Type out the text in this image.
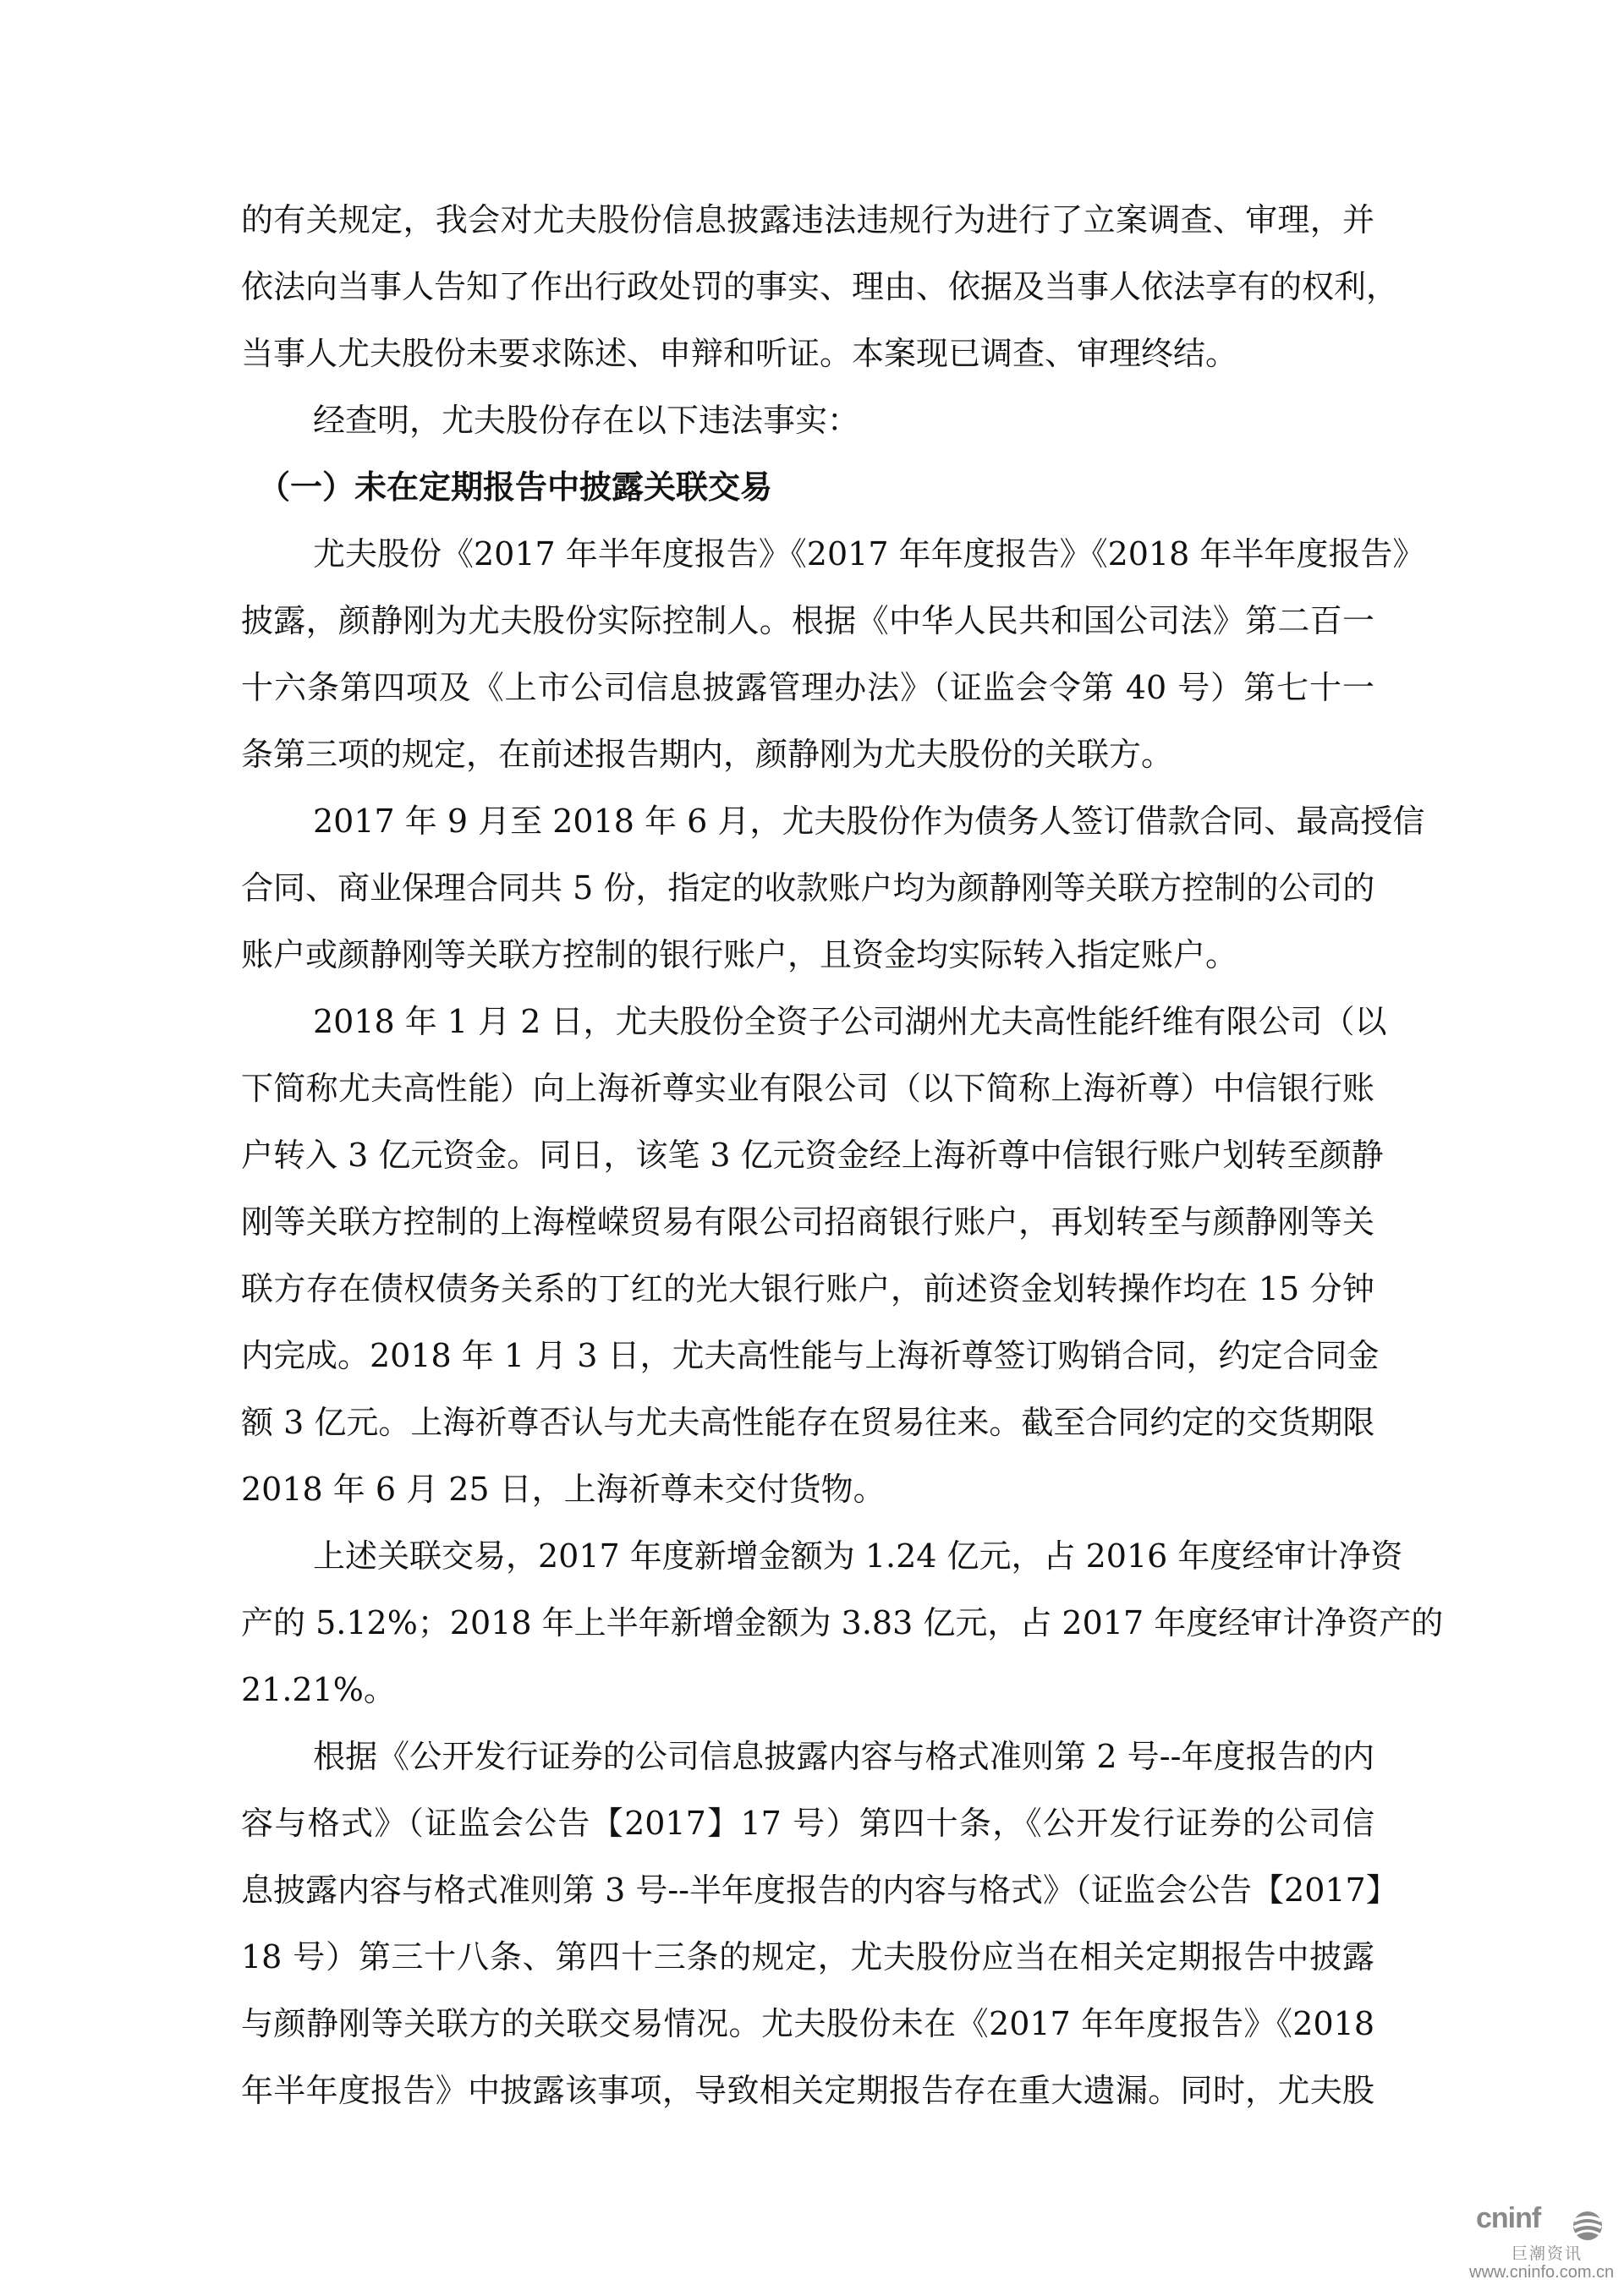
的有关规定，我会对尤夫股份信息披露违法违规行为进行了立案调查、审理，并
依法向当事人告知了作出行政处罚的事实、理由、依据及当事人依法享有的权利，
当事人尤夫股份未要求陈述、申辩和听证。本案现已调查、审理终结。
经查明，尤夫股份存在以下违法事实：
（一）未在定期报告中披露关联交易
尤夫股份《2017 年半年度报告》《2017 年年度报告》《2018 年半年度报告》
披露，颜静刚为尤夫股份实际控制人。根据《中华人民共和国公司法》第二百一
十六条第四项及《上市公司信息披露管理办法》（证监会令第 40 号）第七十一
条第三项的规定，在前述报告期内，颜静刚为尤夫股份的关联方。
2017 年 9 月至 2018 年 6 月，尤夫股份作为债务人签订借款合同、最高授信
合同、商业保理合同共 5 份，指定的收款账户均为颜静刚等关联方控制的公司的
账户或颜静刚等关联方控制的银行账户，且资金均实际转入指定账户。
2018 年 1 月 2 日，尤夫股份全资子公司湖州尤夫高性能纤维有限公司（以
下简称尤夫高性能）向上海祈尊实业有限公司（以下简称上海祈尊）中信银行账
户转入 3 亿元资金。同日，该笔 3 亿元资金经上海祈尊中信银行账户划转至颜静
刚等关联方控制的上海樘嵘贸易有限公司招商银行账户，再划转至与颜静刚等关
联方存在债权债务关系的丁红的光大银行账户，前述资金划转操作均在 15 分钟
内完成。2018 年 1 月 3 日，尤夫高性能与上海祈尊签订购销合同，约定合同金
额 3 亿元。上海祈尊否认与尤夫高性能存在贸易往来。截至合同约定的交货期限
2018 年 6 月 25 日，上海祈尊未交付货物。
上述关联交易，2017 年度新增金额为 1.24 亿元，占 2016 年度经审计净资
产的 5.12%；2018 年上半年新增金额为 3.83 亿元，占 2017 年度经审计净资产的
21.21%。
根据《公开发行证券的公司信息披露内容与格式准则第 2 号--年度报告的内
容与格式》（证监会公告【2017】17 号）第四十条，《公开发行证券的公司信
息披露内容与格式准则第 3 号--半年度报告的内容与格式》（证监会公告【2017】
18 号）第三十八条、第四十三条的规定，尤夫股份应当在相关定期报告中披露
与颜静刚等关联方的关联交易情况。尤夫股份未在《2017 年年度报告》《2018
年半年度报告》中披露该事项，导致相关定期报告存在重大遗漏。同时，尤夫股
cninf
巨潮资讯
www.cninfo.com.cn
